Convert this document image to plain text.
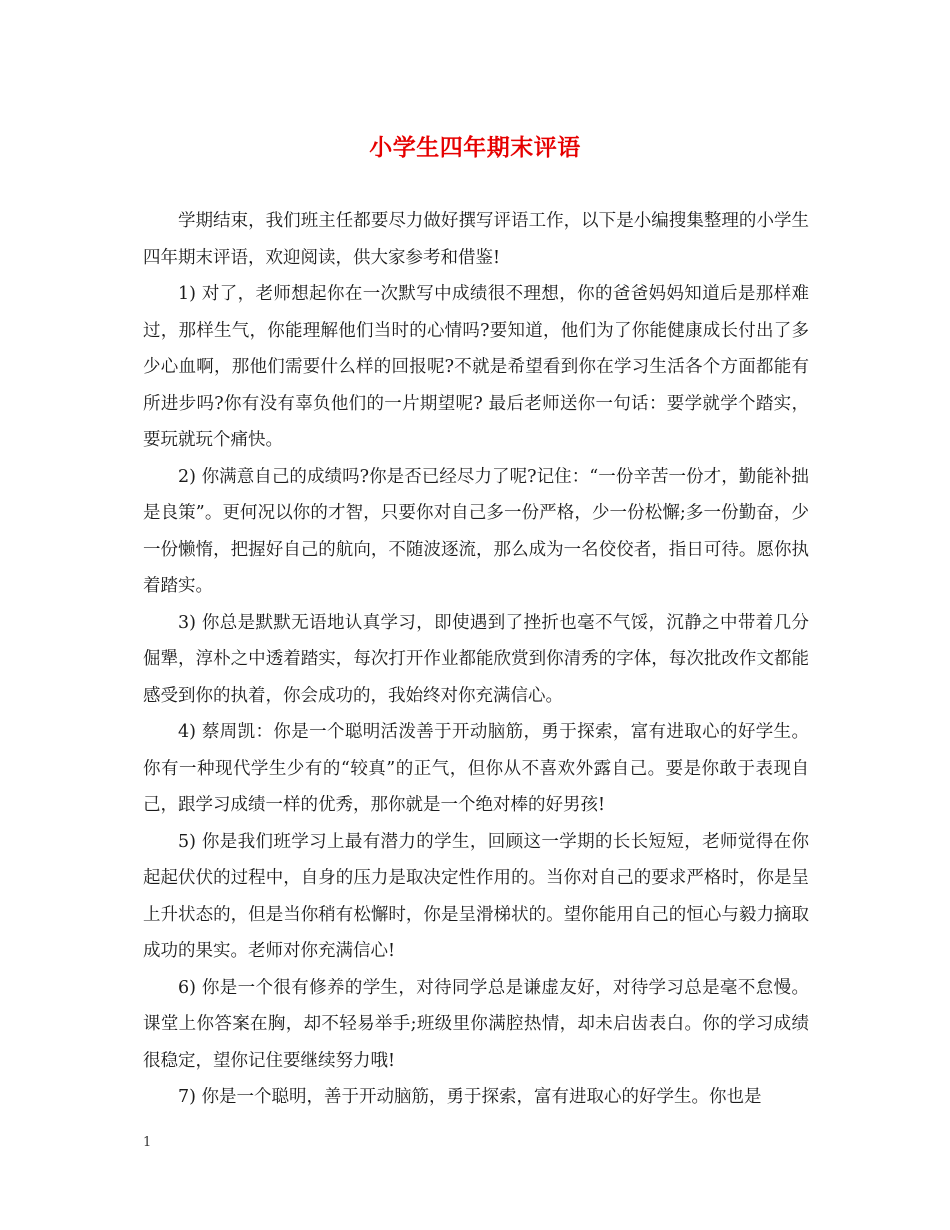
小学生四年期末评语

学期结束，我们班主任都要尽力做好撰写评语工作，以下是小编搜集整理的小学生四年期末评语，欢迎阅读，供大家参考和借鉴!

1) 对了，老师想起你在一次默写中成绩很不理想，你的爸爸妈妈知道后是那样难过，那样生气，你能理解他们当时的心情吗?要知道，他们为了你能健康成长付出了多少心血啊，那他们需要什么样的回报呢?不就是希望看到你在学习生活各个方面都能有所进步吗?你有没有辜负他们的一片期望呢? 最后老师送你一句话：要学就学个踏实，要玩就玩个痛快。

2) 你满意自己的成绩吗?你是否已经尽力了呢?记住：“一份辛苦一份才，勤能补拙是良策”。更何况以你的才智，只要你对自己多一份严格，少一份松懈;多一份勤奋，少一份懒惰，把握好自己的航向，不随波逐流，那么成为一名佼佼者，指日可待。愿你执着踏实。

3) 你总是默默无语地认真学习，即使遇到了挫折也毫不气馁，沉静之中带着几分倔犟，淳朴之中透着踏实，每次打开作业都能欣赏到你清秀的字体，每次批改作文都能感受到你的执着，你会成功的，我始终对你充满信心。

4) 蔡周凯：你是一个聪明活泼善于开动脑筋，勇于探索，富有进取心的好学生。你有一种现代学生少有的“较真”的正气，但你从不喜欢外露自己。要是你敢于表现自己，跟学习成绩一样的优秀，那你就是一个绝对棒的好男孩!

5) 你是我们班学习上最有潜力的学生，回顾这一学期的长长短短，老师觉得在你起起伏伏的过程中，自身的压力是取决定性作用的。当你对自己的要求严格时，你是呈上升状态的，但是当你稍有松懈时，你是呈滑梯状的。望你能用自己的恒心与毅力摘取成功的果实。老师对你充满信心!

6) 你是一个很有修养的学生，对待同学总是谦虚友好，对待学习总是毫不怠慢。课堂上你答案在胸，却不轻易举手;班级里你满腔热情，却未启齿表白。你的学习成绩很稳定，望你记住要继续努力哦!

7) 你是一个聪明，善于开动脑筋，勇于探索，富有进取心的好学生。你也是

1
